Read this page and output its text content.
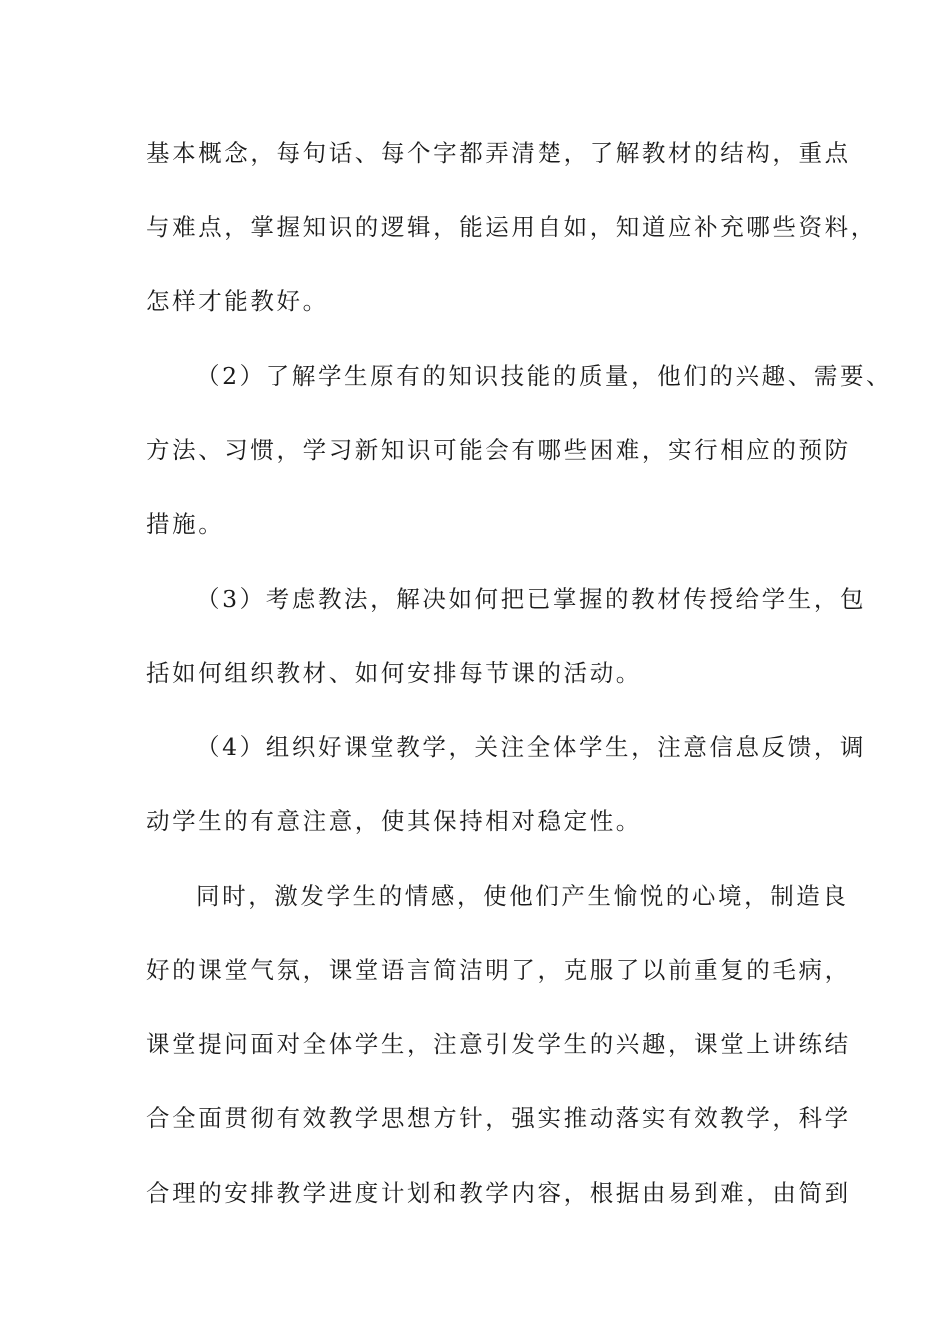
基本概念，每句话、每个字都弄清楚，了解教材的结构，重点
与难点，掌握知识的逻辑，能运用自如，知道应补充哪些资料，
怎样才能教好。
（2）了解学生原有的知识技能的质量，他们的兴趣、需要、
方法、习惯，学习新知识可能会有哪些困难，实行相应的预防
措施。
（3）考虑教法，解决如何把已掌握的教材传授给学生，包
括如何组织教材、如何安排每节课的活动。
（4）组织好课堂教学，关注全体学生，注意信息反馈，调
动学生的有意注意，使其保持相对稳定性。
同时，激发学生的情感，使他们产生愉悦的心境，制造良
好的课堂气氛，课堂语言简洁明了，克服了以前重复的毛病，
课堂提问面对全体学生，注意引发学生的兴趣，课堂上讲练结
合全面贯彻有效教学思想方针，强实推动落实有效教学，科学
合理的安排教学进度计划和教学内容，根据由易到难，由简到
